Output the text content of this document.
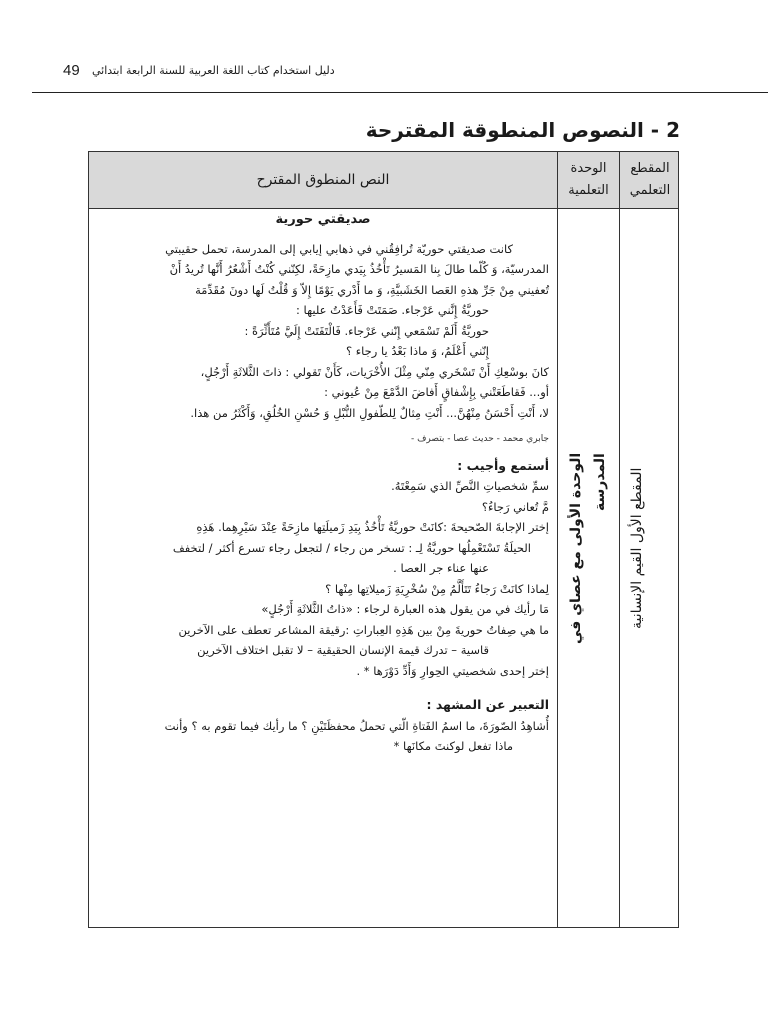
49 دليل استخدام كتاب اللغة العربية للسنة الرابعة ابتدائي
2 - النصوص المنطوقة المقترحة
المقطع التعلمي
الوحدة التعلمية
النص المنطوق المقترح
المقطع الأول القيم الإنسانية
الوحدة الأولى مع عصاي في المدرسة

صديقتي حورية

كانت صديقتي حوريّة تُرافِقُني في ذهابي إيابي إلى المدرسة، تحمل حقيبتي

المدرسيّة، وَ كُلّما طالَ بِنا المَسيرُ تَأْخُذُ بِيَدي مازِحَةً، لكِنّني كُنْتُ أَشْعُرُ أَنَّها تُريدُ أَنْ

تُعفيني مِنْ جَرِّ هذهِ العَصا الخَشَبيَّةِ، وَ ما أَدْري يَوْمًا إِلاّ وَ قُلْتُ لَها دونَ مُقَدِّمَة

حوريَّةُ إِنَّني عَرْجاء. صَمَتَتْ فَأَعَدْتُ عليها :

حوريَّةُ أَلَمْ تَسْمَعي إِنّني عَرْجاء. فَالْتَفَتَتْ إِلَيَّ مُتَأَثِّرَةً :

إِنّني أَعْلَمُ، وَ ماذا بَعْدُ يا رجاء ؟

كانَ بوسْعِكِ أَنْ تَسْخَري مِنّي مِثْلَ الأُخْرَيات، كَأَنْ تَقولي : ذاتَ الثَّلاثَةِ أَرْجُلٍ،

أو... فَقاطَعَتْني بِإِشْفاقٍ أَفاضَ الدَّمْعَ مِنْ عُيوني :

لا، أَنْتِ أَحْسَنُ مِنْهُنَّ... أَنْتِ مِثالٌ لِلطّفولِ النُّبْلِ وَ حُسْنِ الخُلُقِ، وَأَكْثَرُ من هذا.

جابري محمد - حديث عصا - بتصرف -

أستمع وأجيب :

سمِّ شخصياتِ النَّصِّ الذي سَمِعْتَهُ.

مَّ تُعاني رَجاءُ؟

إختر الإجابةَ الصّحيحةَ :كانَتْ حوريَّةُ تَأْخُذُ بِيَدِ زَميلَتِها مازِحَةً عِنْدَ سَيْرِهِما. هَذِهِ

الحيلَةُ تَسْتَعْمِلُها حوريَّةُ لِـ : تسخر من رجاء / لتجعل رجاء تسرع أكثر / لتخفف

عنها عناء جر العصا .

لِماذا كانَتْ رَجاءُ تَتَأَلَّمُ مِنْ سُخْرِيَةِ زَميلاتِها مِنْها ؟

مَا رأيك في من يقول هذه العبارة لرجاء : «ذاتُ الثَّلاثَةِ أَرْجُلٍ»

ما هي صِفاتُ حوريةَ مِنْ بين هَذِهِ العِباراتِ :رقيقة المشاعر تعطف على الآخرين

قاسية – تدرك قيمة الإنسان الحقيقية – لا تقبل اختلاف الآخرين

إختر إحدى شخصيتي الحِوارِ وَأَدِّ دَوْرَها * .

التعبير عن المشهد :

أُشاهِدُ الصّورَةَ، ما اسمُ الفَتاةِ الّتي تحملُ محفظَتَيْنِ ؟ ما رأيك فيما تقوم به ؟ وأنت

ماذا تفعل لوكنتَ مكانَها *
